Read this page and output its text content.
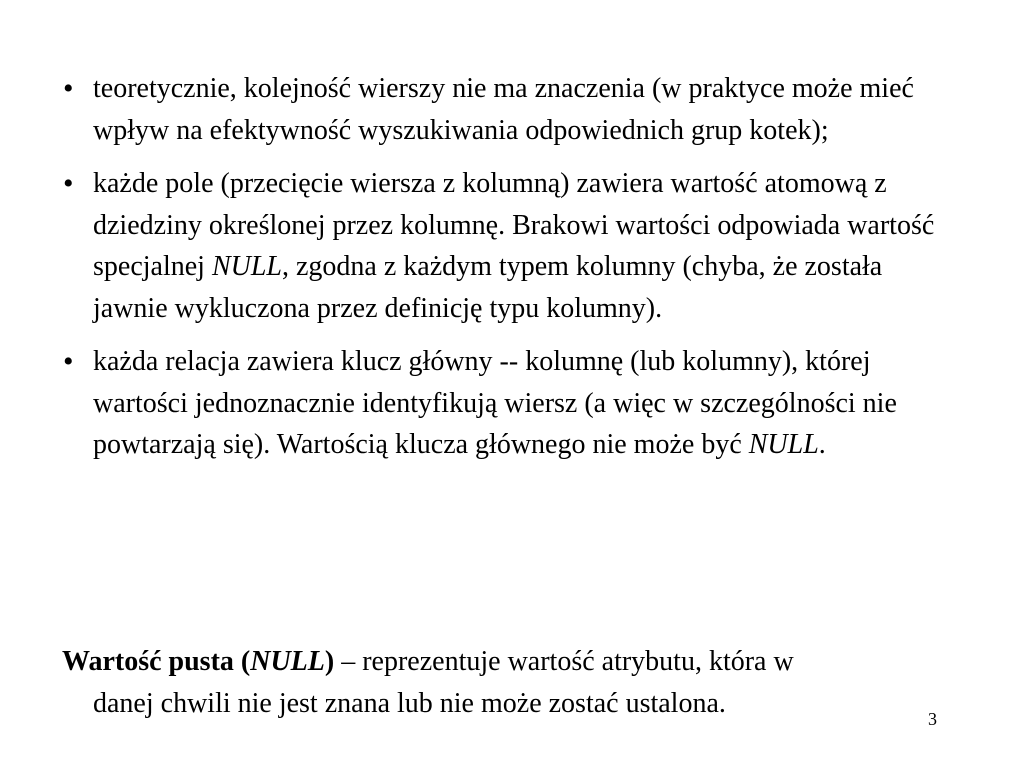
• teoretycznie, kolejność wierszy nie ma znaczenia (w praktyce może mieć wpływ na efektywność wyszukiwania odpowiednich grup kotek);
• każde pole (przecięcie wiersza z kolumną) zawiera wartość atomową z dziedziny określonej przez kolumnę. Brakowi wartości odpowiada wartość specjalnej NULL, zgodna z każdym typem kolumny (chyba, że została jawnie wykluczona przez definicję typu kolumny).
• każda relacja zawiera klucz główny -- kolumnę (lub kolumny), której wartości jednoznacznie identyfikują wiersz (a więc w szczególności nie powtarzają się). Wartością klucza głównego nie może być NULL.

Wartość pusta (NULL) – reprezentuje wartość atrybutu, która w
danej chwili nie jest znana lub nie może zostać ustalona.

3
